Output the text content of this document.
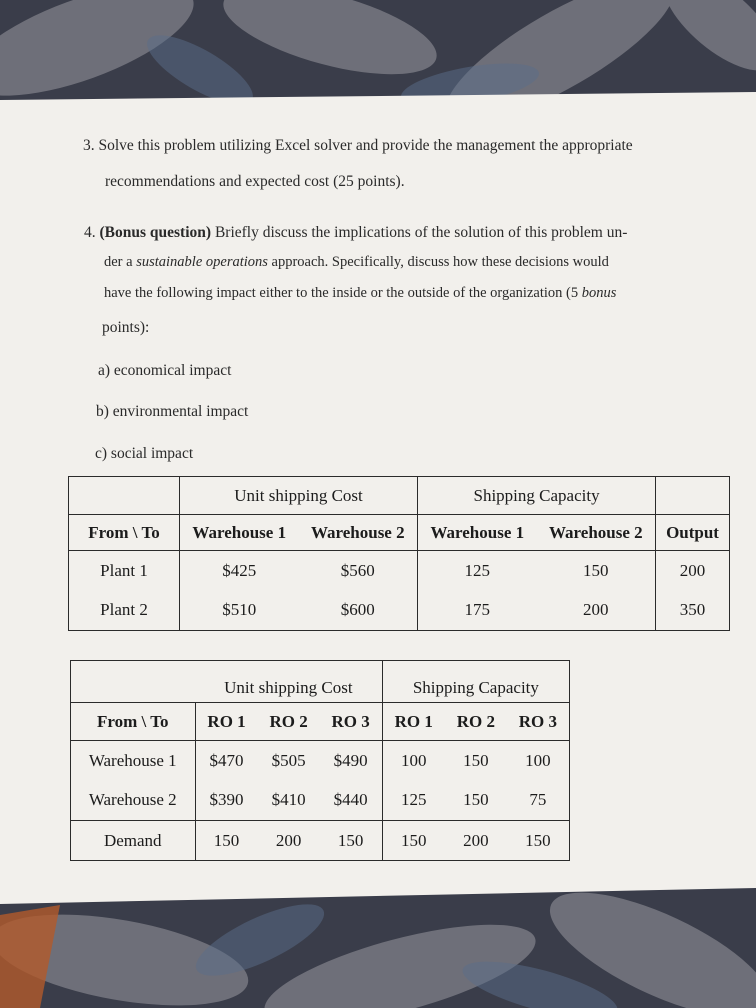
3. Solve this problem utilizing Excel solver and provide the management the appropriate
recommendations and expected cost (25 points).
4. (Bonus question) Briefly discuss the implications of the solution of this problem un-
der a sustainable operations approach. Specifically, discuss how these decisions would
have the following impact either to the inside or the outside of the organization (5 bonus
points):
a) economical impact
b) environmental impact
c) social impact
	Unit shipping Cost		Shipping Capacity		
From \ To	Warehouse 1	Warehouse 2	Warehouse 1	Warehouse 2	Output
Plant 1	$425	$560	125	150	200
Plant 2	$510	$600	175	200	350
	Unit shipping Cost			Shipping Capacity		
From \ To	RO 1	RO 2	RO 3	RO 1	RO 2	RO 3
Warehouse 1	$470	$505	$490	100	150	100
Warehouse 2	$390	$410	$440	125	150	75
Demand	150	200	150	150	200	150
